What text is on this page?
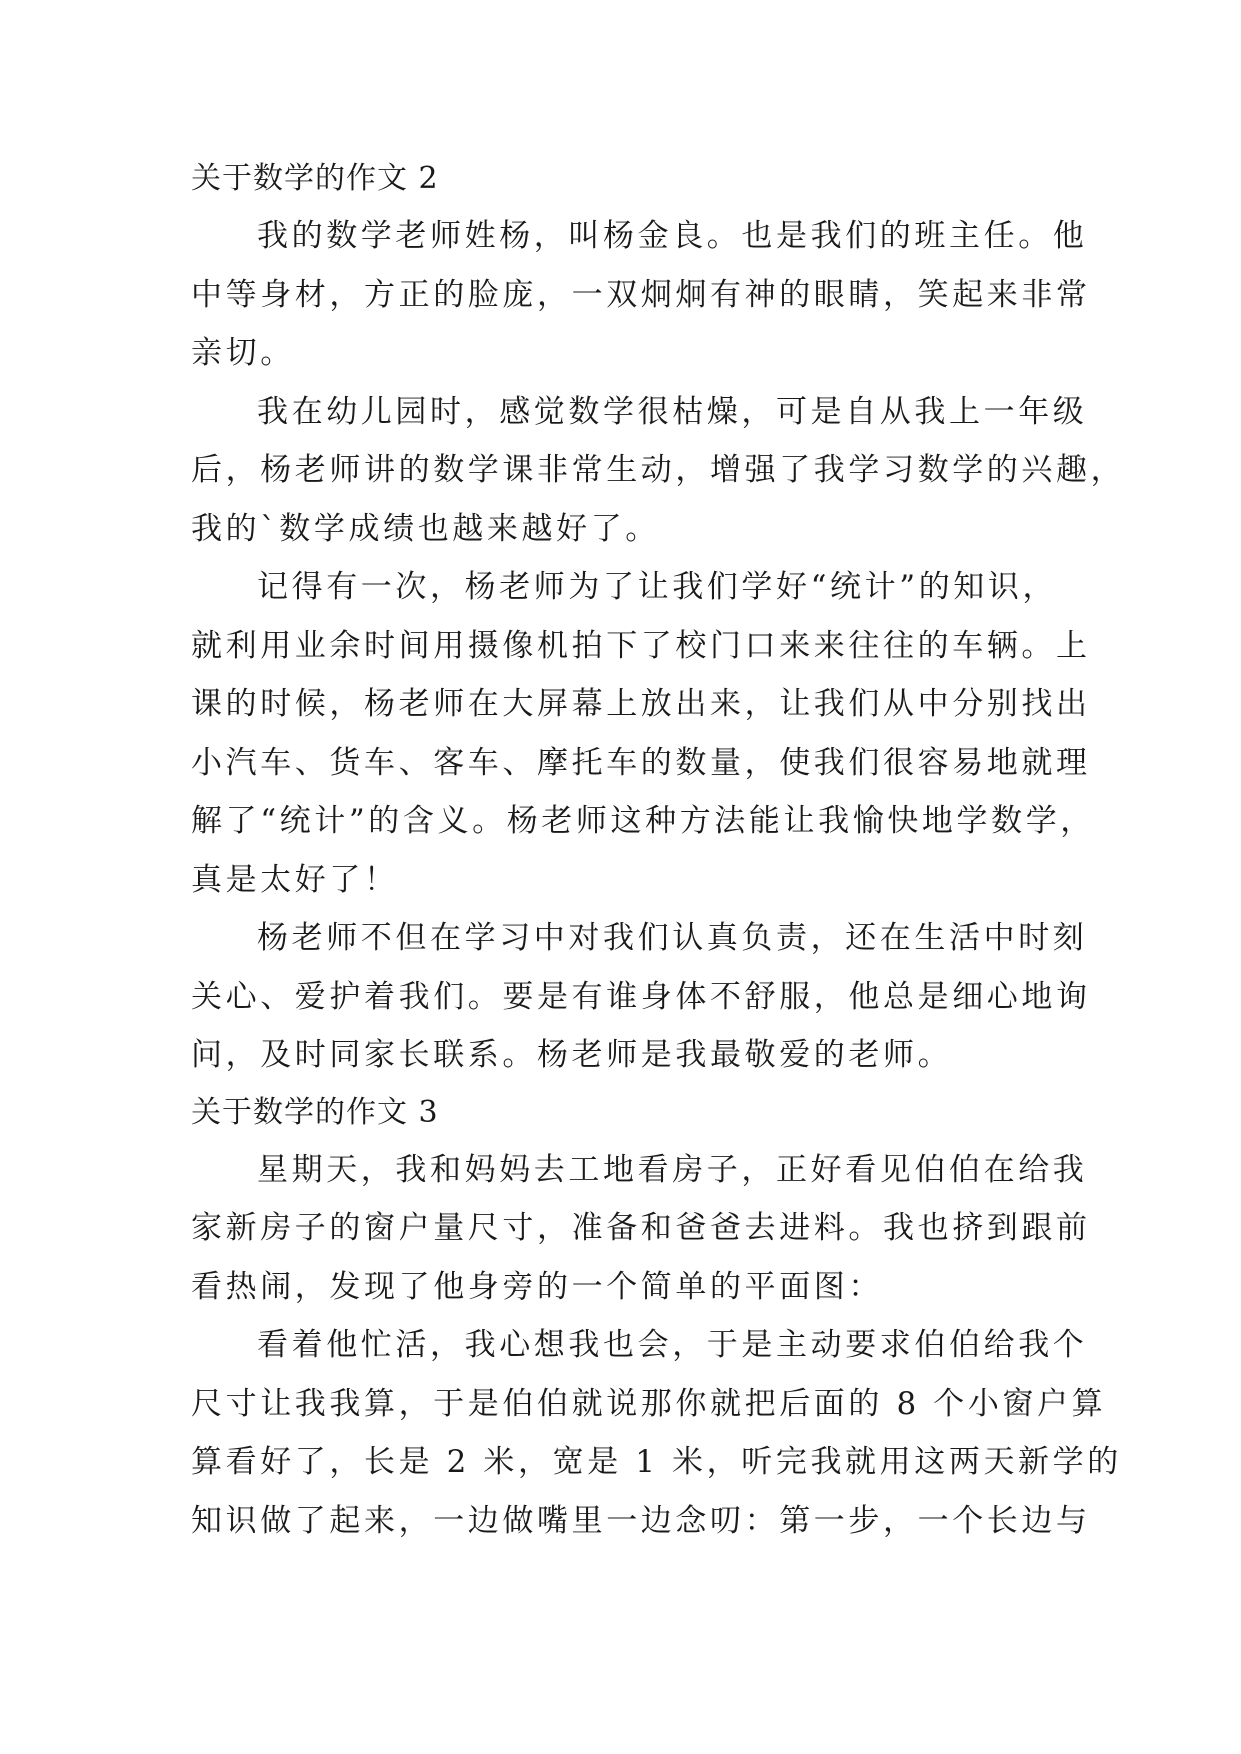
关于数学的作文 2
我的数学老师姓杨，叫杨金良。也是我们的班主任。他
中等身材，方正的脸庞，一双炯炯有神的眼睛，笑起来非常
亲切。
我在幼儿园时，感觉数学很枯燥，可是自从我上一年级
后，杨老师讲的数学课非常生动，增强了我学习数学的兴趣，
我的`数学成绩也越来越好了。
记得有一次，杨老师为了让我们学好“统计”的知识，
就利用业余时间用摄像机拍下了校门口来来往往的车辆。上
课的时候，杨老师在大屏幕上放出来，让我们从中分别找出
小汽车、货车、客车、摩托车的数量，使我们很容易地就理
解了“统计”的含义。杨老师这种方法能让我愉快地学数学，
真是太好了！
杨老师不但在学习中对我们认真负责，还在生活中时刻
关心、爱护着我们。要是有谁身体不舒服，他总是细心地询
问，及时同家长联系。杨老师是我最敬爱的老师。
关于数学的作文 3
星期天，我和妈妈去工地看房子，正好看见伯伯在给我
家新房子的窗户量尺寸，准备和爸爸去进料。我也挤到跟前
看热闹，发现了他身旁的一个简单的平面图：
看着他忙活，我心想我也会，于是主动要求伯伯给我个
尺寸让我我算，于是伯伯就说那你就把后面的 8 个小窗户算
算看好了，长是 2 米，宽是 1 米，听完我就用这两天新学的
知识做了起来，一边做嘴里一边念叨：第一步，一个长边与
